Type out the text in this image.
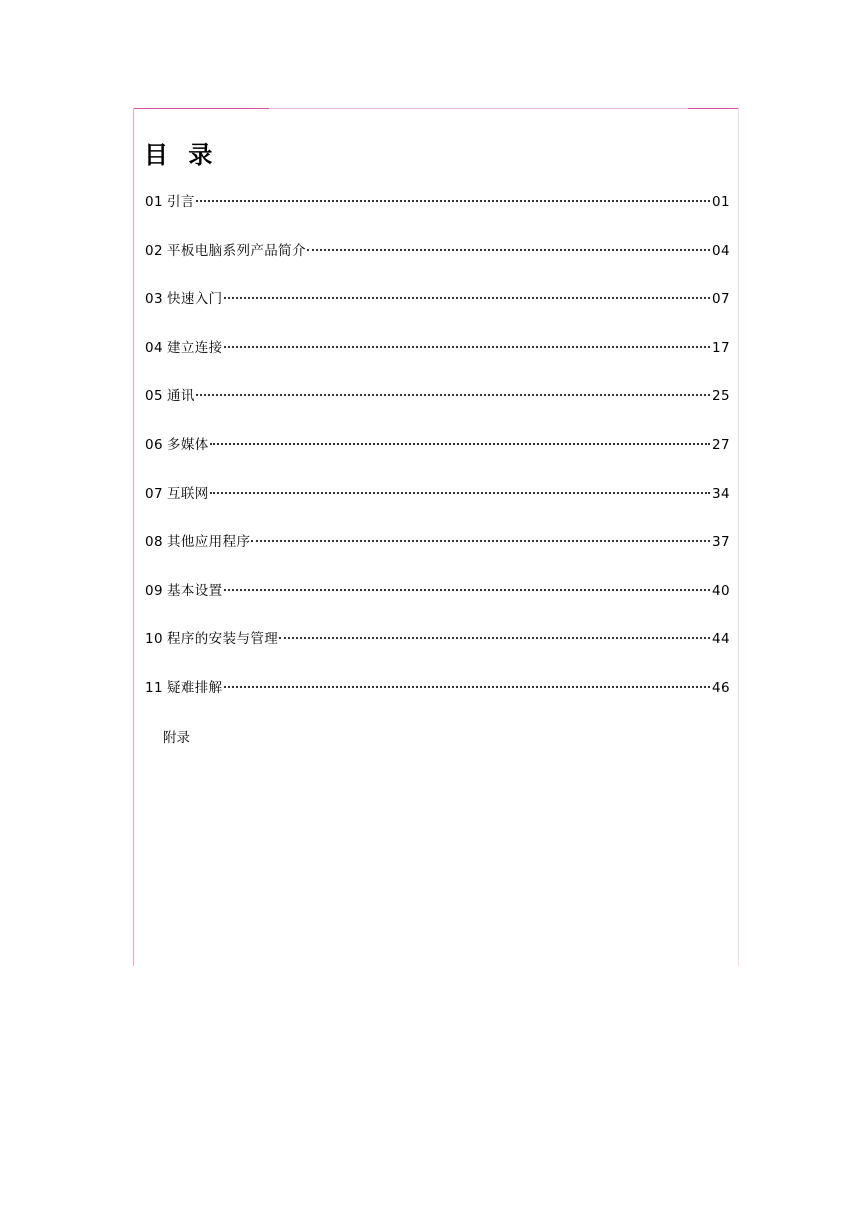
目 录
01 引言	01
02 平板电脑系列产品简介	04
03 快速入门	07
04 建立连接	17
05 通讯	25
06 多媒体	27
07 互联网	34
08 其他应用程序	37
09 基本设置	40
10 程序的安装与管理	44
11 疑难排解	46
附录
